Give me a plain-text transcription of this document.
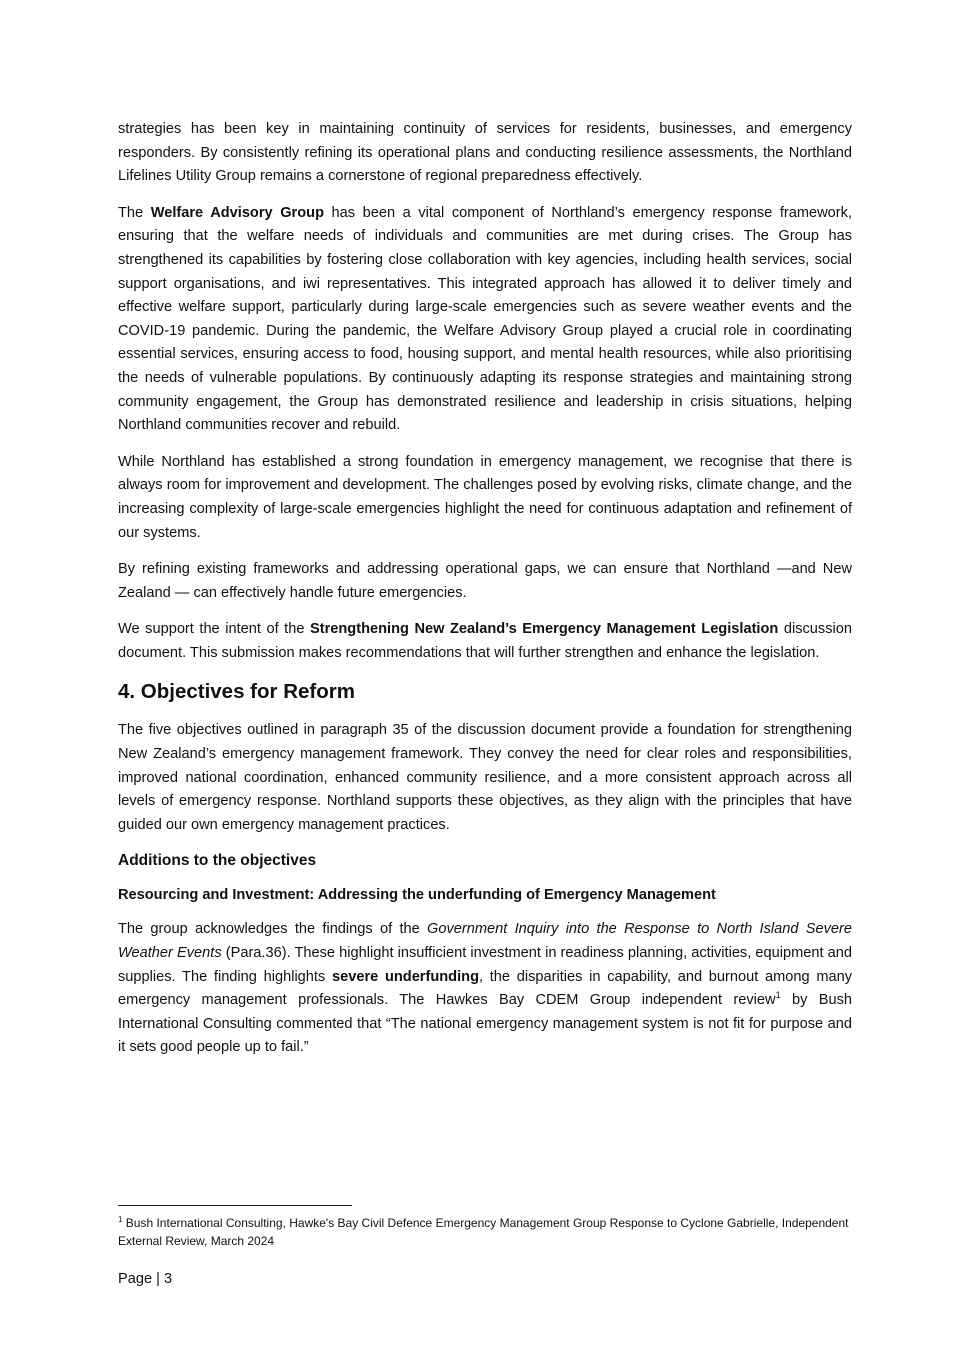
strategies has been key in maintaining continuity of services for residents, businesses, and emergency responders. By consistently refining its operational plans and conducting resilience assessments, the Northland Lifelines Utility Group remains a cornerstone of regional preparedness effectively.

The Welfare Advisory Group has been a vital component of Northland’s emergency response framework, ensuring that the welfare needs of individuals and communities are met during crises. The Group has strengthened its capabilities by fostering close collaboration with key agencies, including health services, social support organisations, and iwi representatives. This integrated approach has allowed it to deliver timely and effective welfare support, particularly during large-scale emergencies such as severe weather events and the COVID-19 pandemic. During the pandemic, the Welfare Advisory Group played a crucial role in coordinating essential services, ensuring access to food, housing support, and mental health resources, while also prioritising the needs of vulnerable populations. By continuously adapting its response strategies and maintaining strong community engagement, the Group has demonstrated resilience and leadership in crisis situations, helping Northland communities recover and rebuild.

While Northland has established a strong foundation in emergency management, we recognise that there is always room for improvement and development. The challenges posed by evolving risks, climate change, and the increasing complexity of large-scale emergencies highlight the need for continuous adaptation and refinement of our systems.

By refining existing frameworks and addressing operational gaps, we can ensure that Northland —and New Zealand — can effectively handle future emergencies.

We support the intent of the Strengthening New Zealand’s Emergency Management Legislation discussion document. This submission makes recommendations that will further strengthen and enhance the legislation.

4. Objectives for Reform

The five objectives outlined in paragraph 35 of the discussion document provide a foundation for strengthening New Zealand’s emergency management framework. They convey the need for clear roles and responsibilities, improved national coordination, enhanced community resilience, and a more consistent approach across all levels of emergency response. Northland supports these objectives, as they align with the principles that have guided our own emergency management practices.

Additions to the objectives
Resourcing and Investment: Addressing the underfunding of Emergency Management

The group acknowledges the findings of the Government Inquiry into the Response to North Island Severe Weather Events (Para.36). These highlight insufficient investment in readiness planning, activities, equipment and supplies. The finding highlights severe underfunding, the disparities in capability, and burnout among many emergency management professionals. The Hawkes Bay CDEM Group independent review$^1$ by Bush International Consulting commented that “The national emergency management system is not fit for purpose and it sets good people up to fail.”

$^1$ Bush International Consulting, Hawke's Bay Civil Defence Emergency Management Group Response to Cyclone Gabrielle, Independent External Review, March 2024
Page | 3
